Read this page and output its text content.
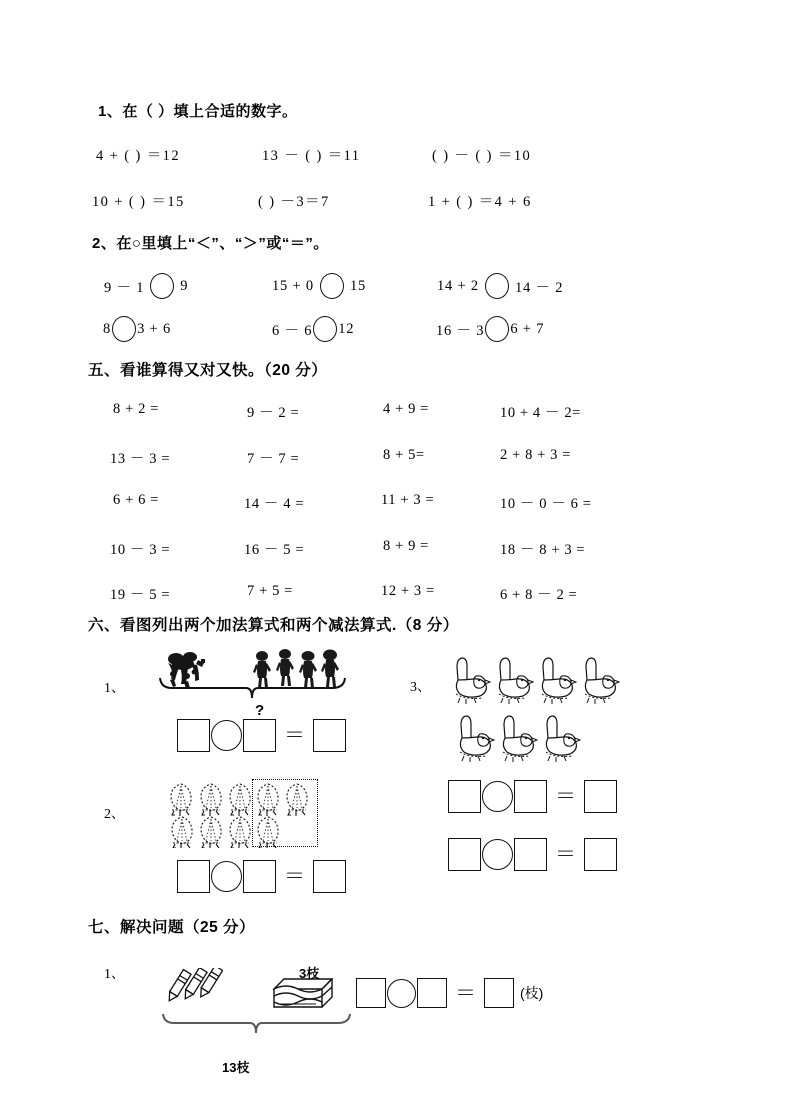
1、在（ ）填上合适的数字。
4 + ( ) ＝12	13 － ( ) ＝11	( ) － ( ) ＝10
10 + ( ) ＝15	( ) －3＝7	1 + ( ) ＝4 + 6
2、在○里填上“＜”、“＞”或“＝”。
9 － 1 9	15 + 0 15	14 + 2 14 － 2
8 3 + 6	6 － 6 12	16 － 3 6 + 7
五、看谁算得又对又快。（20 分）
8 + 2 =	9 － 2 =	4 + 9 =	10 + 4 － 2=
13 － 3 =	7 － 7 =	8 + 5=	2 + 8 + 3 =
6 + 6 =	14 － 4 =	11 + 3 =	10 － 0 － 6 =
10 － 3 =	16 － 5 =	8 + 9 =	18 － 8 + 3 =
19 － 5 =	7 + 5 =	12 + 3 =	6 + 8 － 2 =
六、看图列出两个加法算式和两个减法算式.（8 分）
1、
?
＝
2、
＝
3、
＝
＝
七、解决问题（25 分）
1、	3枝
13枝
＝	(枝)
